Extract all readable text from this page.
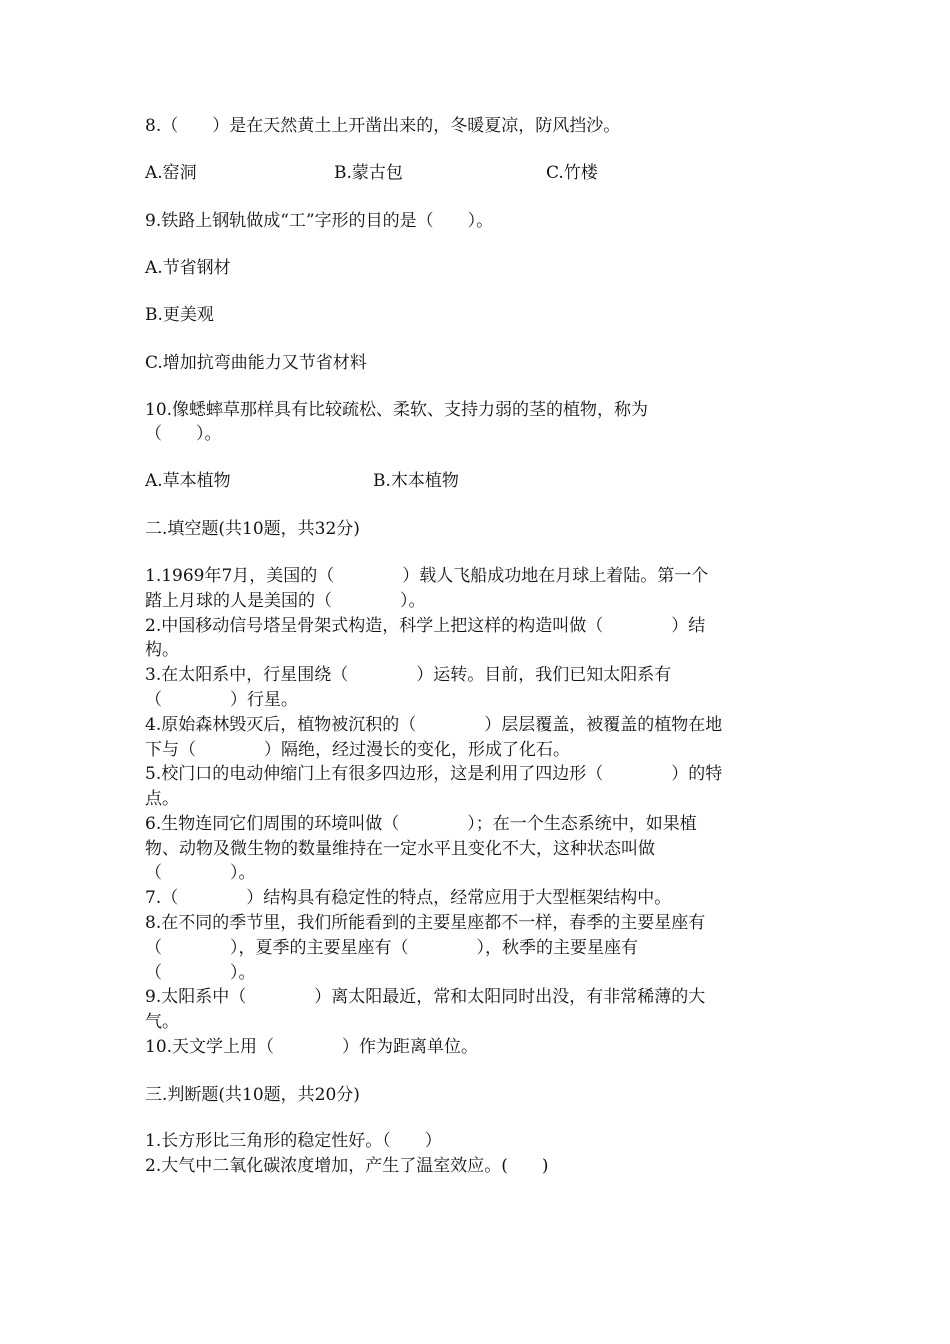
8.（　　）是在天然黄土上开凿出来的，冬暖夏凉，防风挡沙。
A.窑洞	B.蒙古包	C.竹楼
9.铁路上钢轨做成“工”字形的目的是（　　）。
A.节省钢材
B.更美观
C.增加抗弯曲能力又节省材料
10.像蟋蟀草那样具有比较疏松、柔软、支持力弱的茎的植物，称为
（　　）。
A.草本植物	B.木本植物
二.填空题(共10题，共32分)
1.1969年7月，美国的（　　　　）载人飞船成功地在月球上着陆。第一个
踏上月球的人是美国的（　　　　）。
2.中国移动信号塔呈骨架式构造，科学上把这样的构造叫做（　　　　）结
构。
3.在太阳系中，行星围绕（　　　　）运转。目前，我们已知太阳系有
（　　　　）行星。
4.原始森林毁灭后，植物被沉积的（　　　　）层层覆盖，被覆盖的植物在地
下与（　　　　）隔绝，经过漫长的变化，形成了化石。
5.校门口的电动伸缩门上有很多四边形，这是利用了四边形（　　　　）的特
点。
6.生物连同它们周围的环境叫做（　　　　）；在一个生态系统中，如果植
物、动物及微生物的数量维持在一定水平且变化不大，这种状态叫做
（　　　　）。
7.（　　　　）结构具有稳定性的特点，经常应用于大型框架结构中。
8.在不同的季节里，我们所能看到的主要星座都不一样，春季的主要星座有
（　　　　），夏季的主要星座有（　　　　），秋季的主要星座有
（　　　　）。
9.太阳系中（　　　　）离太阳最近，常和太阳同时出没，有非常稀薄的大
气。
10.天文学上用（　　　　）作为距离单位。
三.判断题(共10题，共20分)
1.长方形比三角形的稳定性好。（　　）
2.大气中二氧化碳浓度增加，产生了温室效应。(　　)
